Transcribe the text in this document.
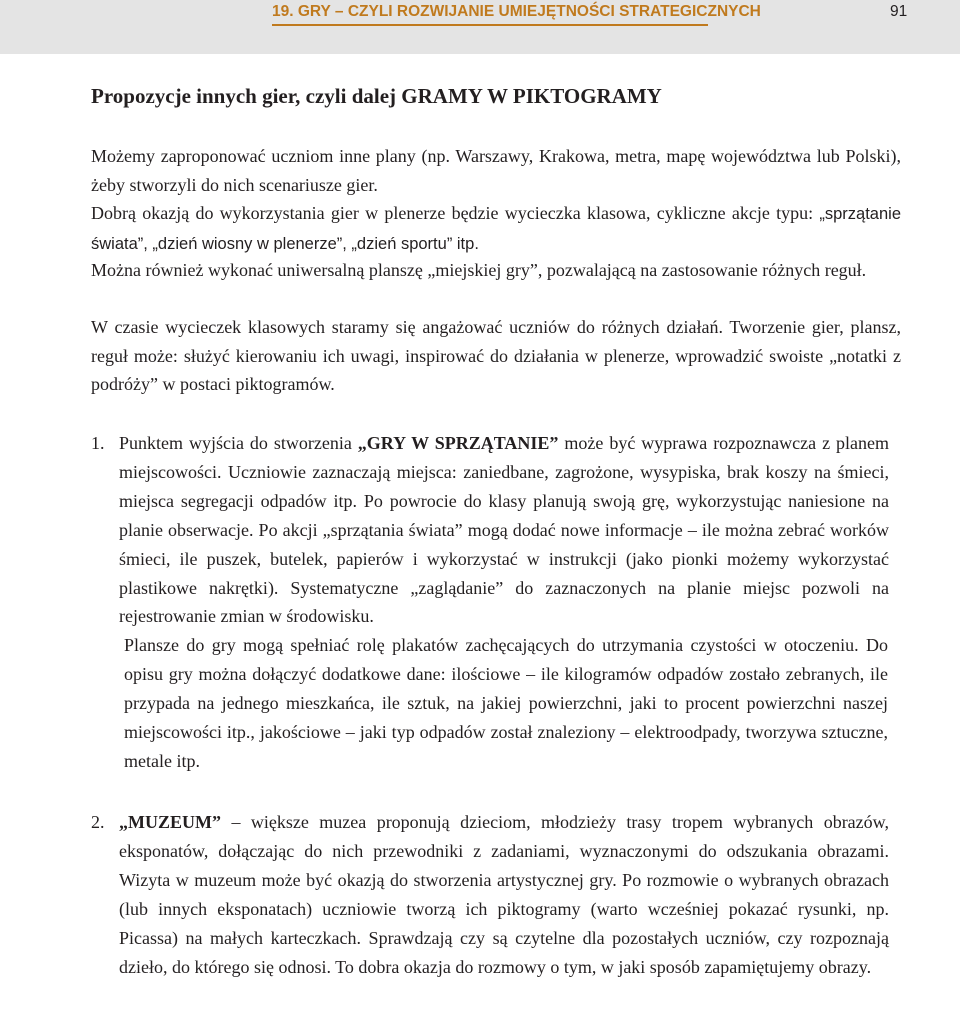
19. GRY – CZYLI ROZWIJANIE UMIEJĘTNOŚCI STRATEGICZNYCH	91
Propozycje innych gier, czyli dalej GRAMY W PIKTOGRAMY

Możemy zaproponować uczniom inne plany (np. Warszawy, Krakowa, metra, mapę województwa lub Polski), żeby stworzyli do nich scenariusze gier.

Dobrą okazją do wykorzystania gier w plenerze będzie wycieczka klasowa, cykliczne akcje typu: „sprzątanie świata”, „dzień wiosny w plenerze”, „dzień sportu” itp.

Można również wykonać uniwersalną planszę „miejskiej gry”, pozwalającą na zastosowanie różnych reguł.

W czasie wycieczek klasowych staramy się angażować uczniów do różnych działań. Tworzenie gier, plansz, reguł może: służyć kierowaniu ich uwagi, inspirować do działania w plenerze, wprowadzić swoiste „notatki z podróży” w postaci piktogramów.

1. Punktem wyjścia do stworzenia „GRY W SPRZĄTANIE” może być wyprawa rozpoznawcza z planem miejscowości. Uczniowie zaznaczają miejsca: zaniedbane, zagrożone, wysypiska, brak koszy na śmieci, miejsca segregacji odpadów itp. Po powrocie do klasy planują swoją grę, wykorzystując naniesione na planie obserwacje. Po akcji „sprzątania świata” mogą dodać nowe informacje – ile można zebrać worków śmieci, ile puszek, butelek, papierów i wykorzystać w instrukcji (jako pionki możemy wykorzystać plastikowe nakrętki). Systematyczne „zaglądanie” do zaznaczonych na planie miejsc pozwoli na rejestrowanie zmian w środowisku.

Plansze do gry mogą spełniać rolę plakatów zachęcających do utrzymania czystości w otoczeniu. Do opisu gry można dołączyć dodatkowe dane: ilościowe – ile kilogramów odpadów zostało zebranych, ile przypada na jednego mieszkańca, ile sztuk, na jakiej powierzchni, jaki to procent powierzchni naszej miejscowości itp., jakościowe – jaki typ odpadów został znaleziony – elektroodpady, tworzywa sztuczne, metale itp.

2. „MUZEUM” – większe muzea proponują dzieciom, młodzieży trasy tropem wybranych obrazów, eksponatów, dołączając do nich przewodniki z zadaniami, wyznaczonymi do odszukania obrazami. Wizyta w muzeum może być okazją do stworzenia artystycznej gry. Po rozmowie o wybranych obrazach (lub innych eksponatach) uczniowie tworzą ich piktogramy (warto wcześniej pokazać rysunki, np. Picassa) na małych karteczkach. Sprawdzają czy są czytelne dla pozostałych uczniów, czy rozpoznają dzieło, do którego się odnosi. To dobra okazja do rozmowy o tym, w jaki sposób zapamiętujemy obrazy.
